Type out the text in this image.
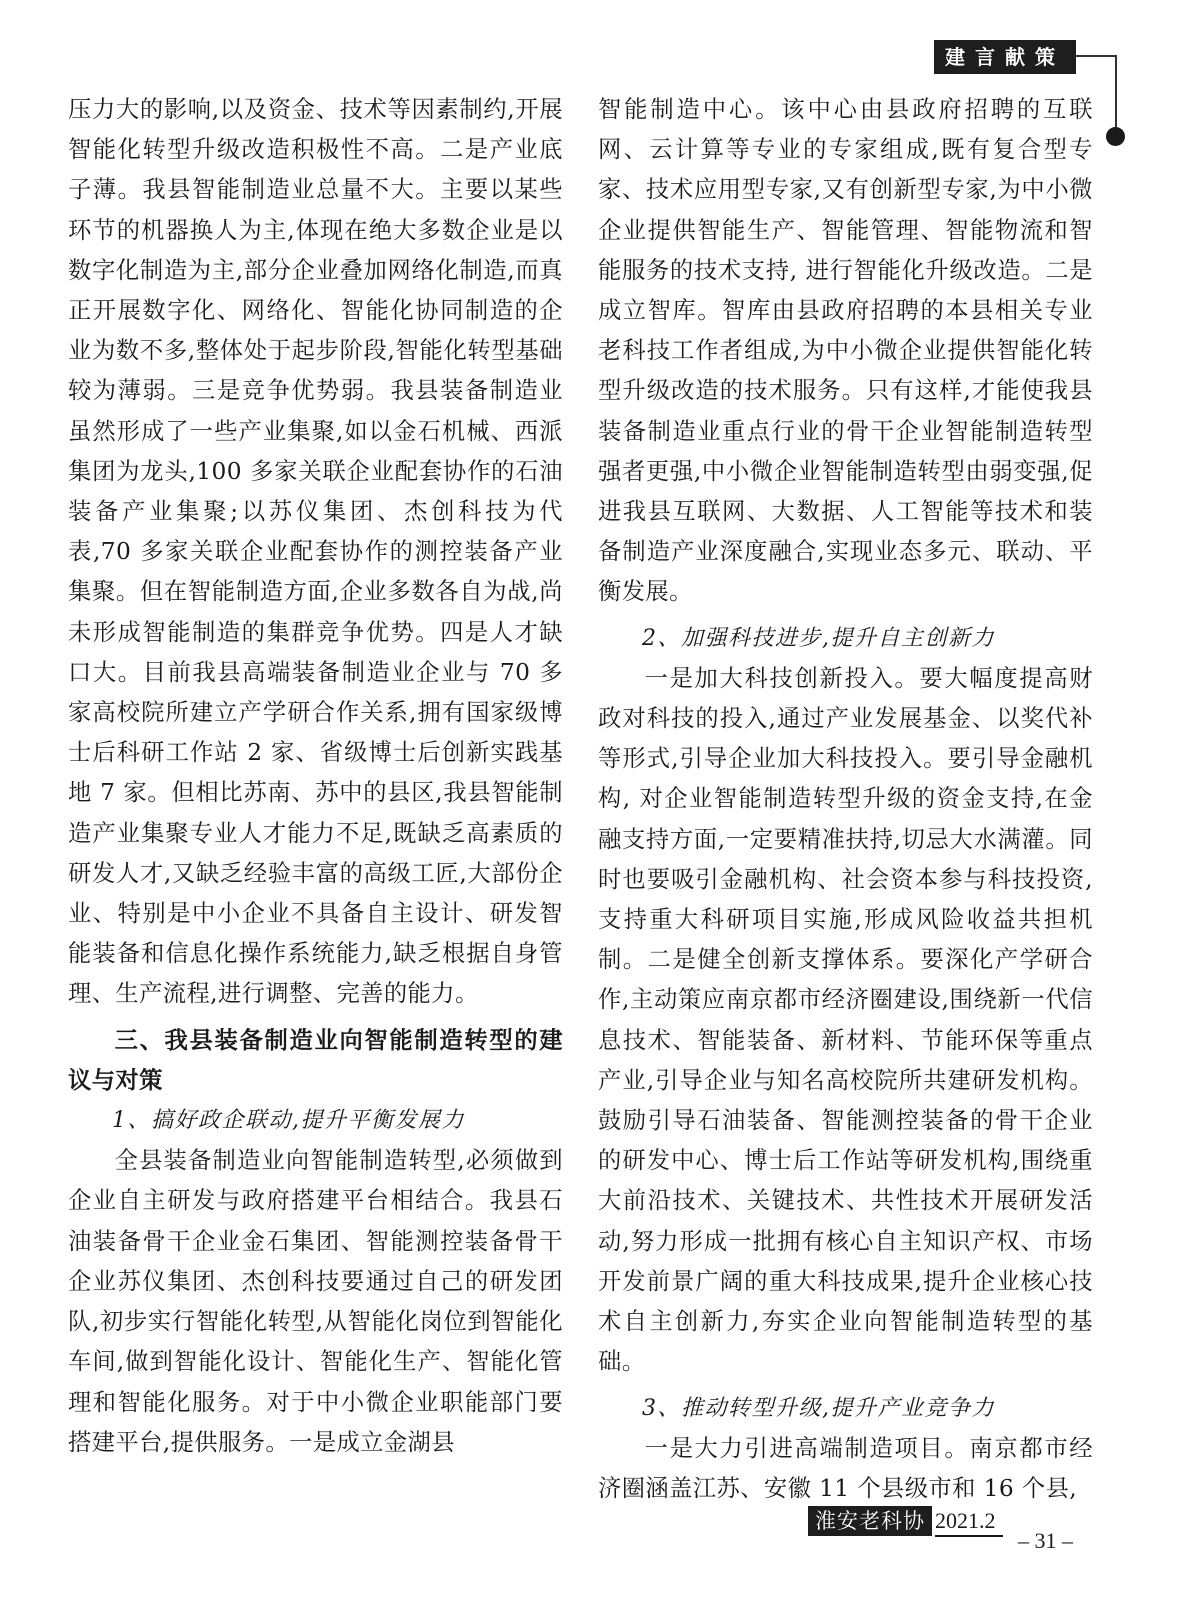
建言献策

压力大的影响,以及资金、技术等因素制约,开展智能化转型升级改造积极性不高。二是产业底子薄。我县智能制造业总量不大。主要以某些环节的机器换人为主,体现在绝大多数企业是以数字化制造为主,部分企业叠加网络化制造,而真正开展数字化、网络化、智能化协同制造的企业为数不多,整体处于起步阶段,智能化转型基础较为薄弱。三是竞争优势弱。我县装备制造业虽然形成了一些产业集聚,如以金石机械、西派集团为龙头,100 多家关联企业配套协作的石油装备产业集聚;以苏仪集团、杰创科技为代表,70 多家关联企业配套协作的测控装备产业集聚。但在智能制造方面,企业多数各自为战,尚未形成智能制造的集群竞争优势。四是人才缺口大。目前我县高端装备制造业企业与 70 多家高校院所建立产学研合作关系,拥有国家级博士后科研工作站 2 家、省级博士后创新实践基地 7 家。但相比苏南、苏中的县区,我县智能制造产业集聚专业人才能力不足,既缺乏高素质的研发人才,又缺乏经验丰富的高级工匠,大部份企业、特别是中小企业不具备自主设计、研发智能装备和信息化操作系统能力,缺乏根据自身管理、生产流程,进行调整、完善的能力。

三、我县装备制造业向智能制造转型的建议与对策

1、搞好政企联动,提升平衡发展力

全县装备制造业向智能制造转型,必须做到企业自主研发与政府搭建平台相结合。我县石油装备骨干企业金石集团、智能测控装备骨干企业苏仪集团、杰创科技要通过自己的研发团队,初步实行智能化转型,从智能化岗位到智能化车间,做到智能化设计、智能化生产、智能化管理和智能化服务。对于中小微企业职能部门要搭建平台,提供服务。一是成立金湖县

智能制造中心。该中心由县政府招聘的互联网、云计算等专业的专家组成,既有复合型专家、技术应用型专家,又有创新型专家,为中小微企业提供智能生产、智能管理、智能物流和智能服务的技术支持, 进行智能化升级改造。二是成立智库。智库由县政府招聘的本县相关专业老科技工作者组成,为中小微企业提供智能化转型升级改造的技术服务。只有这样,才能使我县装备制造业重点行业的骨干企业智能制造转型强者更强,中小微企业智能制造转型由弱变强,促进我县互联网、大数据、人工智能等技术和装备制造产业深度融合,实现业态多元、联动、平衡发展。

2、加强科技进步,提升自主创新力

一是加大科技创新投入。要大幅度提高财政对科技的投入,通过产业发展基金、以奖代补等形式,引导企业加大科技投入。要引导金融机构, 对企业智能制造转型升级的资金支持,在金融支持方面,一定要精准扶持,切忌大水满灌。同时也要吸引金融机构、社会资本参与科技投资,支持重大科研项目实施,形成风险收益共担机制。二是健全创新支撑体系。要深化产学研合作,主动策应南京都市经济圈建设,围绕新一代信息技术、智能装备、新材料、节能环保等重点产业,引导企业与知名高校院所共建研发机构。鼓励引导石油装备、智能测控装备的骨干企业的研发中心、博士后工作站等研发机构,围绕重大前沿技术、关键技术、共性技术开展研发活动,努力形成一批拥有核心自主知识产权、市场开发前景广阔的重大科技成果,提升企业核心技术自主创新力,夯实企业向智能制造转型的基础。

3、推动转型升级,提升产业竞争力

一是大力引进高端制造项目。南京都市经济圈涵盖江苏、安徽 11 个县级市和 16 个县,

淮安老科协 2021.2
– 31 –
